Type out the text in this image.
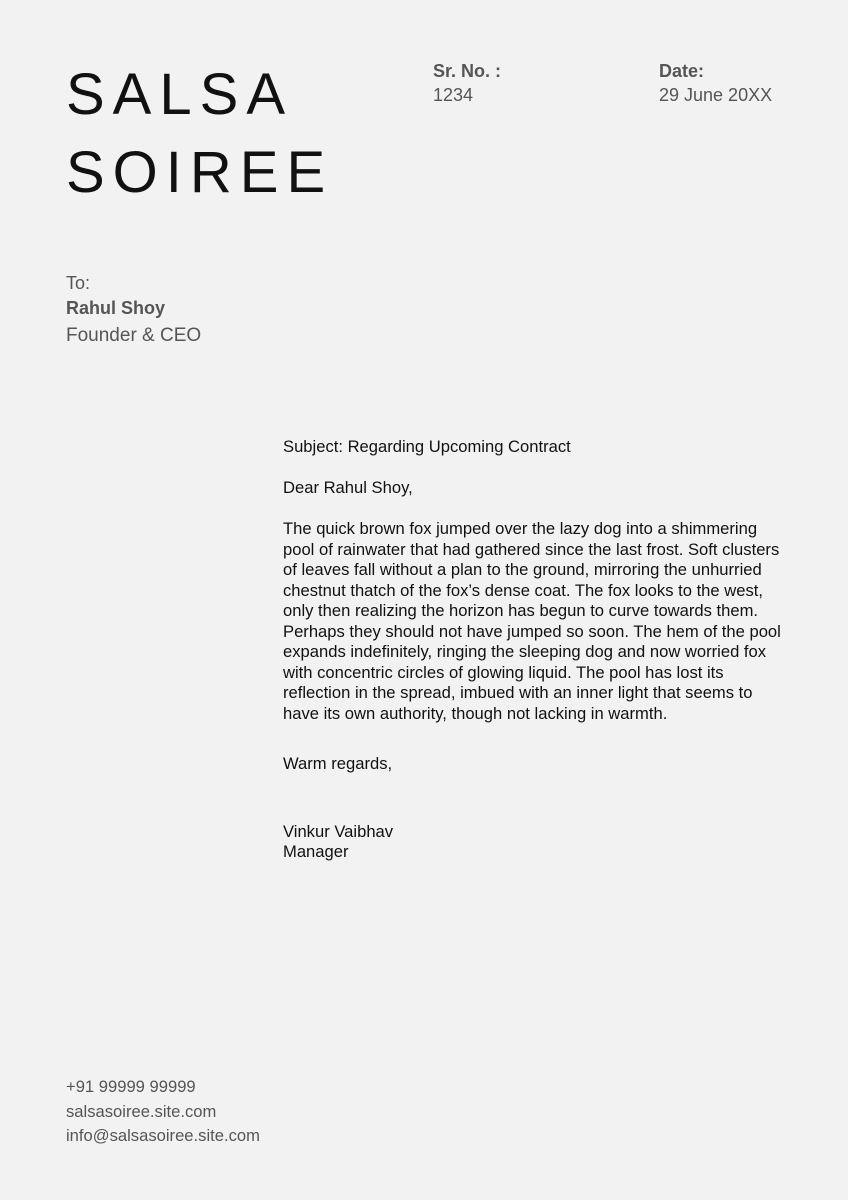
SALSA
SOIREE
Sr. No. :
1234
Date:
29 June 20XX
To:
Rahul Shoy
Founder & CEO

Subject: Regarding Upcoming Contract

Dear Rahul Shoy,

The quick brown fox jumped over the lazy dog into a shimmering pool of rainwater that had gathered since the last frost. Soft clusters of leaves fall without a plan to the ground, mirroring the unhurried chestnut thatch of the fox’s dense coat. The fox looks to the west, only then realizing the horizon has begun to curve towards them. Perhaps they should not have jumped so soon. The hem of the pool expands indefinitely, ringing the sleeping dog and now worried fox with concentric circles of glowing liquid. The pool has lost its reflection in the spread, imbued with an inner light that seems to have its own authority, though not lacking in warmth.

Warm regards,

Vinkur Vaibhav

Manager

+91 99999 99999
salsasoiree.site.com
info@salsasoiree.site.com
